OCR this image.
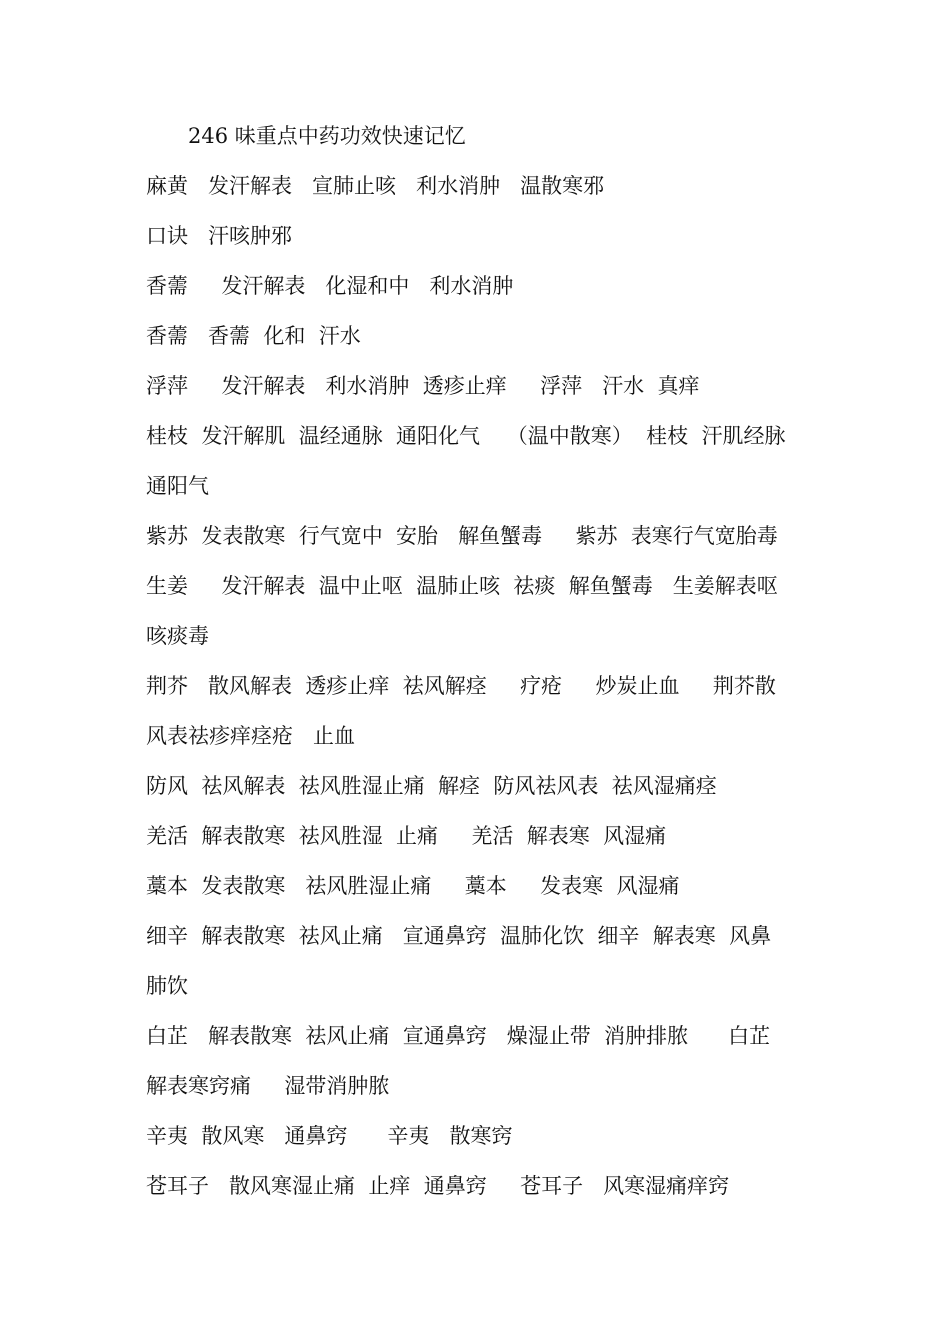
246 味重点中药功效快速记忆
麻黄   发汗解表   宣肺止咳   利水消肿   温散寒邪
口诀   汗咳肿邪
香薷     发汗解表   化湿和中   利水消肿
香薷   香薷  化和  汗水
浮萍     发汗解表   利水消肿  透疹止痒     浮萍   汗水  真痒
桂枝  发汗解肌  温经通脉  通阳化气    （温中散寒）  桂枝  汗肌经脉
通阳气
紫苏  发表散寒  行气宽中  安胎   解鱼蟹毒     紫苏  表寒行气宽胎毒
生姜     发汗解表  温中止呕  温肺止咳  祛痰  解鱼蟹毒   生姜解表呕
咳痰毒
荆芥   散风解表  透疹止痒  祛风解痉     疗疮     炒炭止血     荆芥散
风表祛疹痒痉疮   止血
防风  祛风解表  祛风胜湿止痛  解痉  防风祛风表  祛风湿痛痉
羌活  解表散寒  祛风胜湿  止痛     羌活  解表寒  风湿痛
藁本  发表散寒   祛风胜湿止痛     藁本     发表寒  风湿痛
细辛  解表散寒  祛风止痛   宣通鼻窍  温肺化饮  细辛  解表寒  风鼻
肺饮
白芷   解表散寒  祛风止痛  宣通鼻窍   燥湿止带  消肿排脓      白芷
解表寒窍痛     湿带消肿脓
辛夷  散风寒   通鼻窍      辛夷   散寒窍
苍耳子   散风寒湿止痛  止痒  通鼻窍     苍耳子   风寒湿痛痒窍
